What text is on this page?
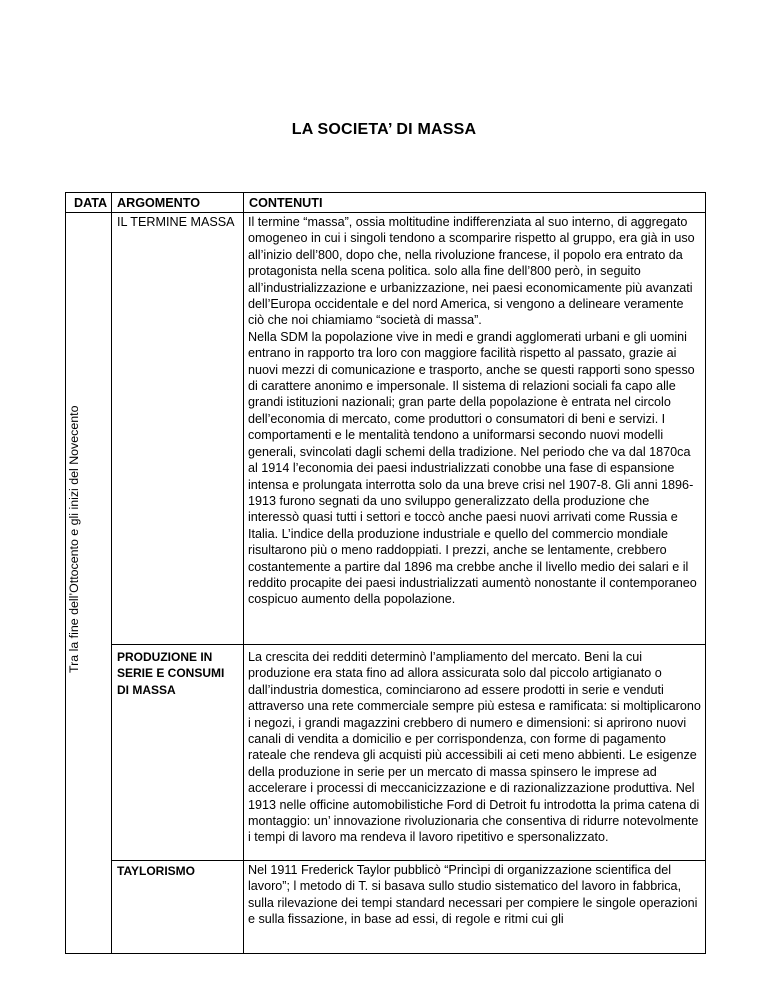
LA SOCIETA’ DI MASSA
DATA	ARGOMENTO	CONTENUTI

Tra la fine dell’Ottocento e gli inizi del Novecento	IL TERMINE MASSA	Il termine “massa”, ossia moltitudine indifferenziata al suo interno, di aggregato omogeneo in cui i singoli tendono a scomparire rispetto al gruppo, era già in uso all’inizio dell’800, dopo che, nella rivoluzione francese, il popolo era entrato da protagonista nella scena politica. solo alla fine dell’800 però, in seguito all’industrializzazione e urbanizzazione, nei paesi economicamente più avanzati dell’Europa occidentale e del nord America, si vengono a delineare veramente ciò che noi chiamiamo “società di massa”.
Nella SDM la popolazione vive in medi e grandi agglomerati urbani e gli uomini entrano in rapporto tra loro con maggiore facilità rispetto al passato, grazie ai nuovi mezzi di comunicazione e trasporto, anche se questi rapporti sono spesso di carattere anonimo e impersonale. Il sistema di relazioni sociali fa capo alle grandi istituzioni nazionali; gran parte della popolazione è entrata nel circolo dell’economia di mercato, come produttori o consumatori di beni e servizi. I comportamenti e le mentalità tendono a uniformarsi secondo nuovi modelli generali, svincolati dagli schemi della tradizione. Nel periodo che va dal 1870ca al 1914 l’economia dei paesi industrializzati conobbe una fase di espansione intensa e prolungata interrotta solo da una breve crisi nel 1907-8. Gli anni 1896-1913 furono segnati da uno sviluppo generalizzato della produzione che interessò quasi tutti i settori e toccò anche paesi nuovi arrivati come Russia e Italia. L’indice della produzione industriale e quello del commercio mondiale risultarono più o meno raddoppiati. I prezzi, anche se lentamente, crebbero costantemente a partire dal 1896 ma crebbe anche il livello medio dei salari e il reddito procapite dei paesi industrializzati aumentò nonostante il contemporaneo cospicuo aumento della popolazione.

	PRODUZIONE IN SERIE E CONSUMI DI MASSA	La crescita dei redditi determinò l’ampliamento del mercato. Beni la cui produzione era stata fino ad allora assicurata solo dal piccolo artigianato o dall’industria domestica, cominciarono ad essere prodotti in serie e venduti attraverso una rete commerciale sempre più estesa e ramificata: si moltiplicarono i negozi, i grandi magazzini crebbero di numero e dimensioni: si aprirono nuovi canali di vendita a domicilio e per corrispondenza, con forme di pagamento rateale che rendeva gli acquisti più accessibili ai ceti meno abbienti. Le esigenze della produzione in serie per un mercato di massa spinsero le imprese ad accelerare i processi di meccanicizzazione e di razionalizzazione produttiva. Nel 1913 nelle officine automobilistiche Ford di Detroit fu introdotta la prima catena di montaggio: un’ innovazione rivoluzionaria che consentiva di ridurre notevolmente i tempi di lavoro ma rendeva il lavoro ripetitivo e spersonalizzato.

	TAYLORISMO	Nel 1911 Frederick Taylor pubblicò “Princìpi di organizzazione scientifica del lavoro”; l metodo di T. si basava sullo studio sistematico del lavoro in fabbrica, sulla rilevazione dei tempi standard necessari per compiere le singole operazioni e sulla fissazione, in base ad essi, di regole e ritmi cui gli
